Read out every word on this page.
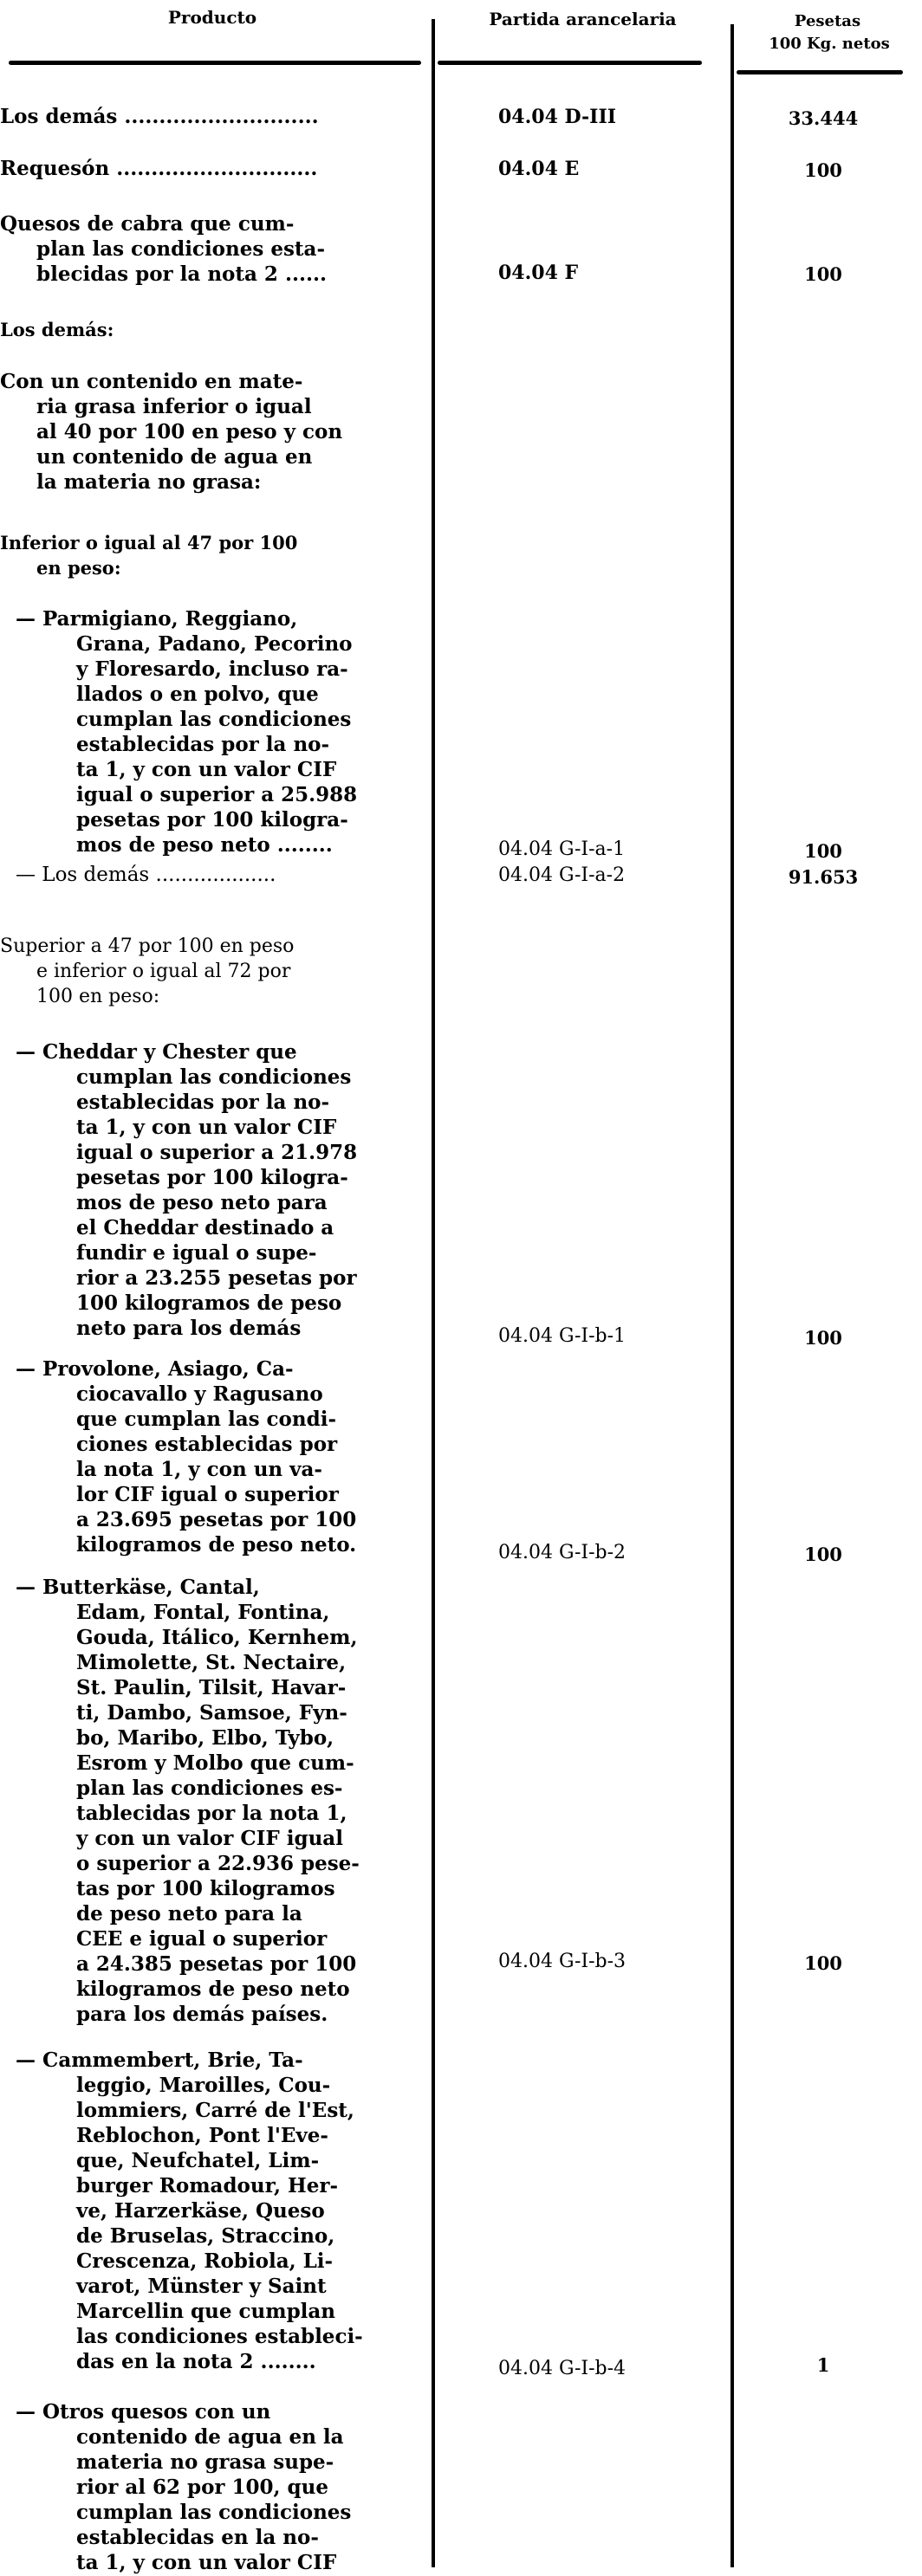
Producto	Partida arancelaria	Pesetas
100 Kg. netos
Los demás ............................	04.04 D-III	33.444
Requesón .............................	04.04 E	100
Quesos de cabra que cum-
plan las condiciones esta-
blecidas por la nota 2 ......	04.04 F	100
Los demás:
Con un contenido en mate-
ria grasa inferior o igual
al 40 por 100 en peso y con
un contenido de agua en
la materia no grasa:
Inferior o igual al 47 por 100
en peso:
— Parmigiano, Reggiano,
Grana, Padano, Pecorino
y Floresardo, incluso ra-
llados o en polvo, que
cumplan las condiciones
establecidas por la no-
ta 1, y con un valor CIF
igual o superior a 25.988
pesetas por 100 kilogra-
mos de peso neto ........	04.04 G-I-a-1	100
— Los demás ...................	04.04 G-I-a-2	91.653
Superior a 47 por 100 en peso
e inferior o igual al 72 por
100 en peso:
— Cheddar y Chester que
cumplan las condiciones
establecidas por la no-
ta 1, y con un valor CIF
igual o superior a 21.978
pesetas por 100 kilogra-
mos de peso neto para
el Cheddar destinado a
fundir e igual o supe-
rior a 23.255 pesetas por
100 kilogramos de peso
neto para los demás	04.04 G-I-b-1	100
— Provolone, Asiago, Ca-
ciocavallo y Ragusano
que cumplan las condi-
ciones establecidas por
la nota 1, y con un va-
lor CIF igual o superior
a 23.695 pesetas por 100
kilogramos de peso neto.	04.04 G-I-b-2	100
— Butterkäse, Cantal,
Edam, Fontal, Fontina,
Gouda, Itálico, Kernhem,
Mimolette, St. Nectaire,
St. Paulin, Tilsit, Havar-
ti, Dambo, Samsoe, Fyn-
bo, Maribo, Elbo, Tybo,
Esrom y Molbo que cum-
plan las condiciones es-
tablecidas por la nota 1,
y con un valor CIF igual
o superior a 22.936 pese-
tas por 100 kilogramos
de peso neto para la
CEE e igual o superior
a 24.385 pesetas por 100
kilogramos de peso neto
para los demás países.
04.04 G-I-b-3	100
— Cammembert, Brie, Ta-
leggio, Maroilles, Cou-
lommiers, Carré de l'Est,
Reblochon, Pont l'Eve-
que, Neufchatel, Lim-
burger Romadour, Her-
ve, Harzerkäse, Queso
de Bruselas, Straccino,
Crescenza, Robiola, Li-
varot, Münster y Saint
Marcellin que cumplan
las condiciones estableci-
das en la nota 2 ........	04.04 G-I-b-4	1
— Otros quesos con un
contenido de agua en la
materia no grasa supe-
rior al 62 por 100, que
cumplan las condiciones
establecidas en la no-
ta 1, y con un valor CIF
